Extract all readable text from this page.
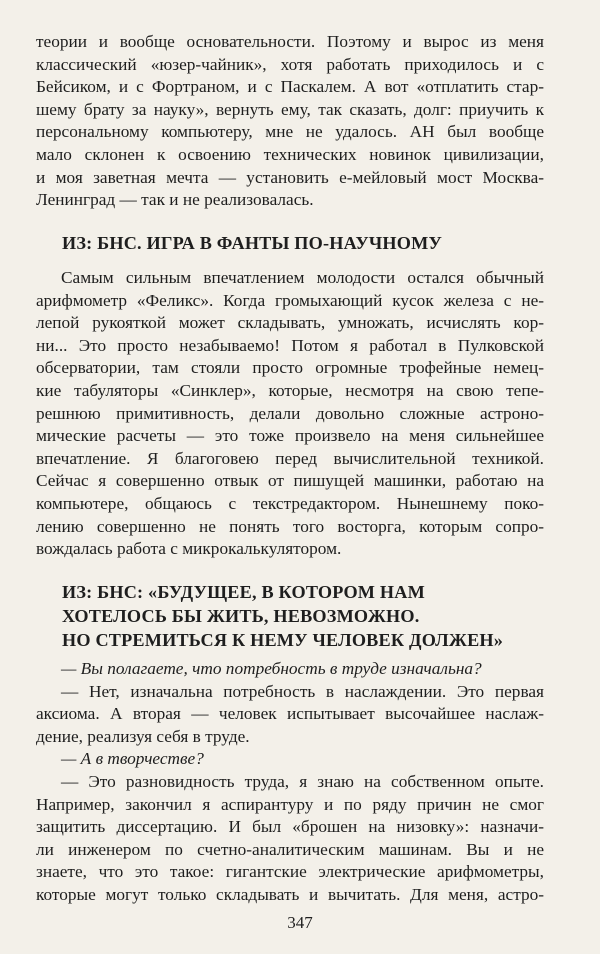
теории и вообще основательности. Поэтому и вырос из меня
классический «юзер-чайник», хотя работать приходилось и с
Бейсиком, и с Фортраном, и с Паскалем. А вот «отплатить стар-
шему брату за науку», вернуть ему, так сказать, долг: приучить к
персональному компьютеру, мне не удалось. АН был вообще
мало склонен к освоению технических новинок цивилизации,
и моя заветная мечта — установить е-мейловый мост Москва-
Ленинград — так и не реализовалась.
ИЗ: БНС. ИГРА В ФАНТЫ ПО-НАУЧНОМУ
Самым сильным впечатлением молодости остался обычный
арифмометр «Феликс». Когда громыхающий кусок железа с не-
лепой рукояткой может складывать, умножать, исчислять кор-
ни... Это просто незабываемо! Потом я работал в Пулковской
обсерватории, там стояли просто огромные трофейные немец-
кие табуляторы «Синклер», которые, несмотря на свою тепе-
решнюю примитивность, делали довольно сложные астроно-
мические расчеты — это тоже произвело на меня сильнейшее
впечатление. Я благоговею перед вычислительной техникой.
Сейчас я совершенно отвык от пишущей машинки, работаю на
компьютере, общаюсь с текстредактором. Нынешнему поко-
лению совершенно не понять того восторга, которым сопро-
вождалась работа с микрокалькулятором.
ИЗ: БНС: «БУДУЩЕЕ, В КОТОРОМ НАМ
ХОТЕЛОСЬ БЫ ЖИТЬ, НЕВОЗМОЖНО.
НО СТРЕМИТЬСЯ К НЕМУ ЧЕЛОВЕК ДОЛЖЕН»
— Вы полагаете, что потребность в труде изначальна?
— Нет, изначальна потребность в наслаждении. Это первая
аксиома. А вторая — человек испытывает высочайшее наслаж-
дение, реализуя себя в труде.
— А в творчестве?
— Это разновидность труда, я знаю на собственном опыте.
Например, закончил я аспирантуру и по ряду причин не смог
защитить диссертацию. И был «брошен на низовку»: назначи-
ли инженером по счетно-аналитическим машинам. Вы и не
знаете, что это такое: гигантские электрические арифмометры,
которые могут только складывать и вычитать. Для меня, астро-
347
